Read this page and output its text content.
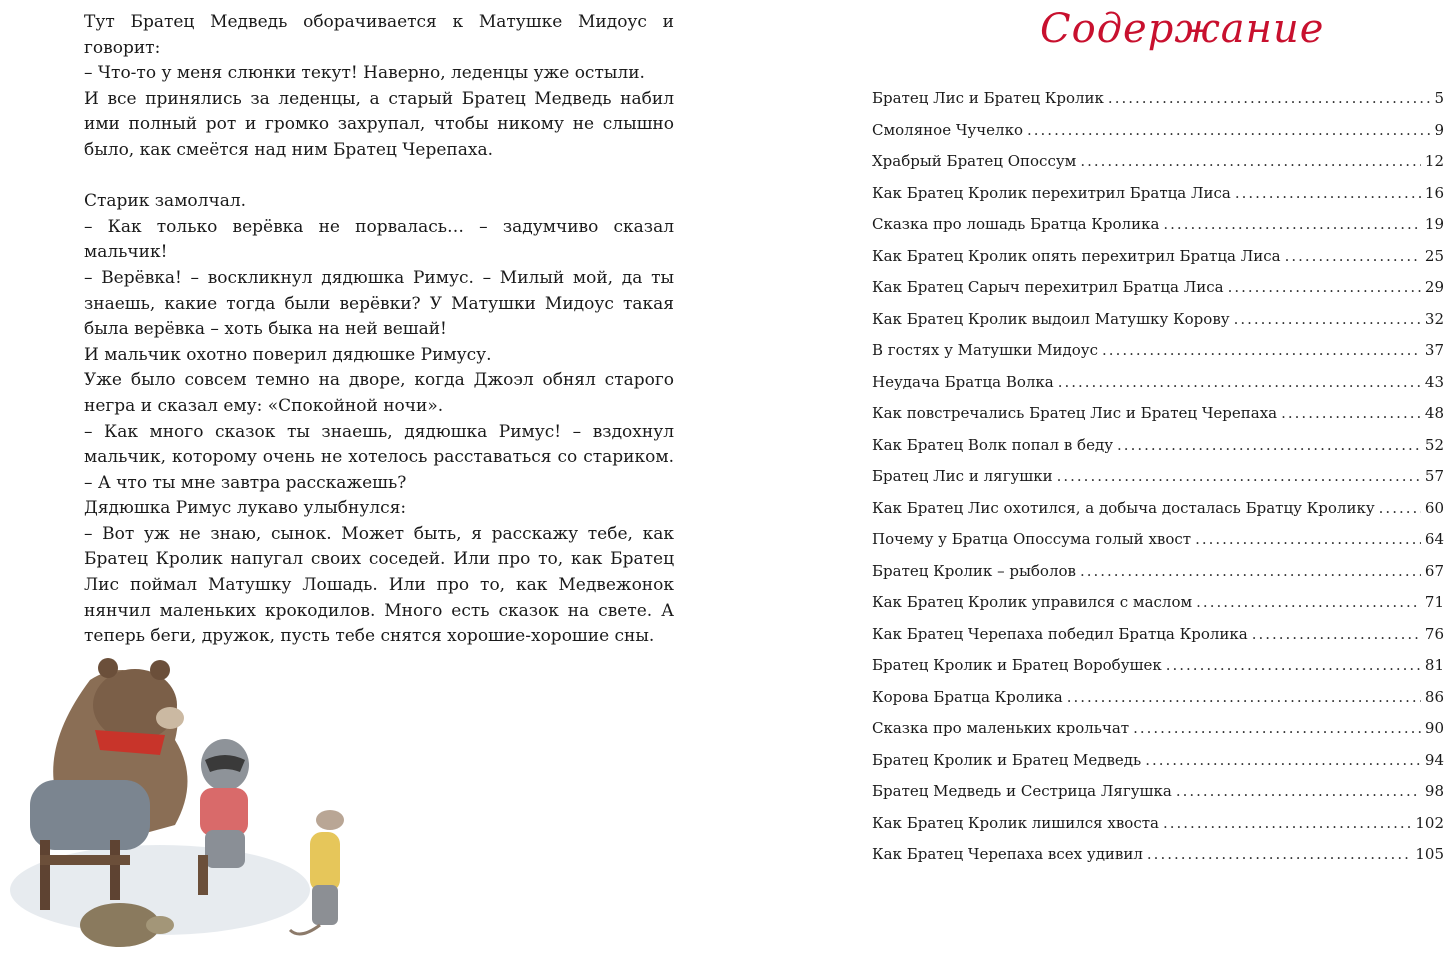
Тут Братец Медведь оборачивается к Матушке Мидоус и говорит:

– Что-то у меня слюнки текут! Наверно, леденцы уже остыли.

И все принялись за леденцы, а старый Братец Медведь набил ими полный рот и громко захрупал, чтобы никому не слышно было, как смеётся над ним Братец Черепаха.

Старик замолчал.

– Как только верёвка не порвалась… – задумчиво сказал мальчик!

– Верёвка! – воскликнул дядюшка Римус. – Милый мой, да ты знаешь, какие тогда были верёвки? У Матушки Мидоус такая была верёвка – хоть быка на ней вешай!

И мальчик охотно поверил дядюшке Римусу.

Уже было совсем темно на дворе, когда Джоэл обнял старого негра и сказал ему: «Спокойной ночи».

– Как много сказок ты знаешь, дядюшка Римус! – вздохнул мальчик, которому очень не хотелось расставаться со стариком. – А что ты мне завтра расскажешь?

Дядюшка Римус лукаво улыбнулся:

– Вот уж не знаю, сынок. Может быть, я расскажу тебе, как Братец Кролик напугал своих соседей. Или про то, как Братец Лис поймал Матушку Лошадь. Или про то, как Медвежонок нянчил маленьких крокодилов. Много есть сказок на свете. А теперь беги, дружок, пусть тебе снятся хорошие-хорошие сны.

Содержание
Братец Лис и Братец Кролик .....	5
Смоляное Чучелко .....	9
Храбрый Братец Опоссум .....	12
Как Братец Кролик перехитрил Братца Лиса .....	16
Сказка про лошадь Братца Кролика .....	19
Как Братец Кролик опять перехитрил Братца Лиса .....	25
Как Братец Сарыч перехитрил Братца Лиса .....	29
Как Братец Кролик выдоил Матушку Корову .....	32
В гостях у Матушки Мидоус .....	37
Неудача Братца Волка .....	43
Как повстречались Братец Лис и Братец Черепаха .....	48
Как Братец Волк попал в беду .....	52
Братец Лис и лягушки .....	57
Как Братец Лис охотился, а добыча досталась Братцу Кролику .....	60
Почему у Братца Опоссума голый хвост .....	64
Братец Кролик – рыболов .....	67
Как Братец Кролик управился с маслом .....	71
Как Братец Черепаха победил Братца Кролика .....	76
Братец Кролик и Братец Воробушек .....	81
Корова Братца Кролика .....	86
Сказка про маленьких крольчат .....	90
Братец Кролик и Братец Медведь .....	94
Братец Медведь и Сестрица Лягушка .....	98
Как Братец Кролик лишился хвоста .....	102
Как Братец Черепаха всех удивил .....	105
